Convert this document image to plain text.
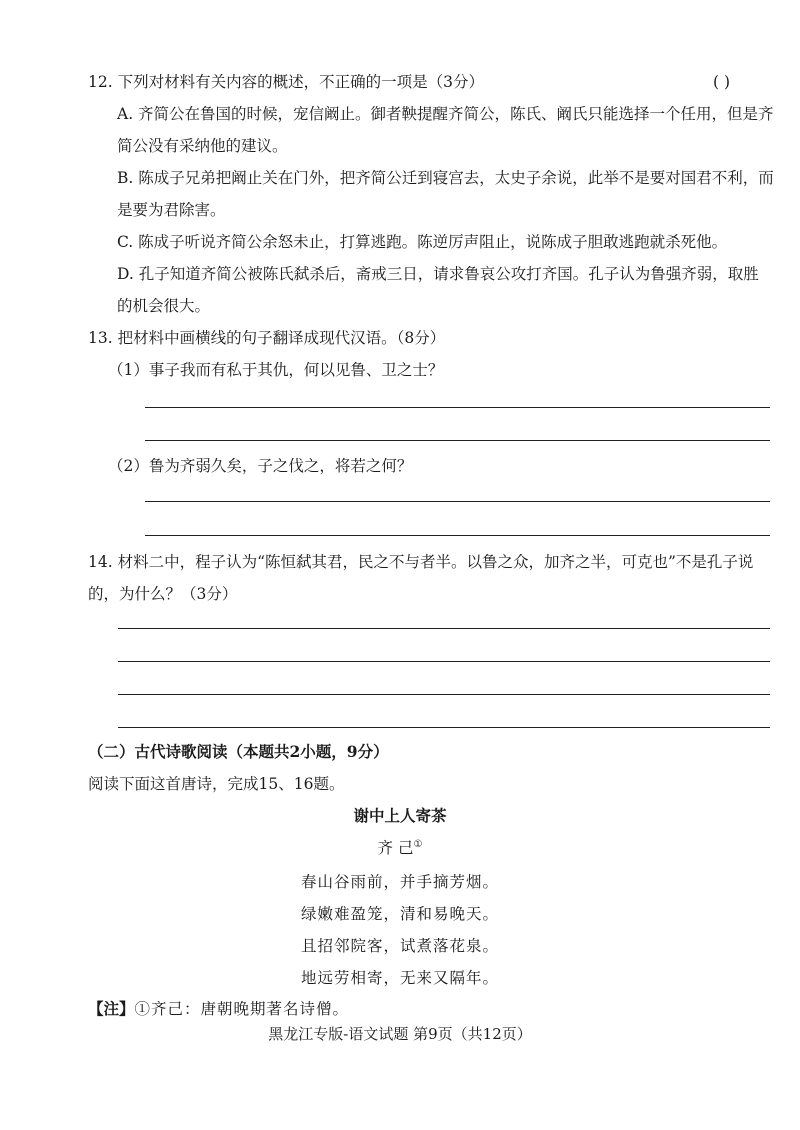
12. 下列对材料有关内容的概述，不正确的一项是（3分）	( )
A. 齐简公在鲁国的时候，宠信阚止。御者鞅提醒齐简公，陈氏、阚氏只能选择一个任用，但是齐
简公没有采纳他的建议。
B. 陈成子兄弟把阚止关在门外，把齐简公迁到寝宫去，太史子余说，此举不是要对国君不利，而
是要为君除害。
C. 陈成子听说齐简公余怒未止，打算逃跑。陈逆厉声阻止，说陈成子胆敢逃跑就杀死他。
D. 孔子知道齐简公被陈氏弑杀后，斋戒三日，请求鲁哀公攻打齐国。孔子认为鲁强齐弱，取胜
的机会很大。
13. 把材料中画横线的句子翻译成现代汉语。（8分）
（1）事子我而有私于其仇，何以见鲁、卫之士？
（2）鲁为齐弱久矣，子之伐之，将若之何？
14. 材料二中，程子认为“陈恒弑其君，民之不与者半。以鲁之众，加齐之半，可克也”不是孔子说
的，为什么？（3分）
（二）古代诗歌阅读（本题共2小题，9分）
阅读下面这首唐诗，完成15、16题。
谢中上人寄茶
齐 己①
春山谷雨前，并手摘芳烟。
绿嫩难盈笼，清和易晚天。
且招邻院客，试煮落花泉。
地远劳相寄，无来又隔年。
【注】①齐己：唐朝晚期著名诗僧。
黑龙江专版-语文试题 第9页（共12页）
